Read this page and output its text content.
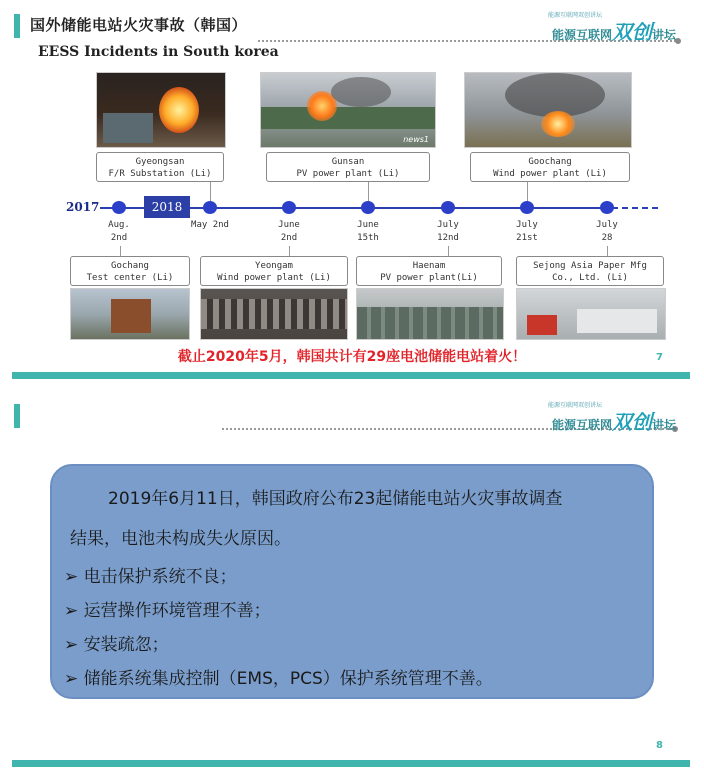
国外储能电站火灾事故（韩国）
能源互联网双创讲坛
能源互联网双创讲坛
EESS Incidents in South korea
news1
Gyeongsan
F/R Substation (Li)
Gunsan
PV power plant (Li)
Goochang
Wind power plant (Li)
2017	2018
Aug.
2nd
May 2nd	June
2nd
June
15th
July
12nd
July
21st
July
28
Gochang
Test center (Li)
Yeongam
Wind power plant (Li)
Haenam
PV power plant(Li)
Sejong Asia Paper Mfg
Co., Ltd. (Li)
截止2020年5月，韩国共计有29座电池储能电站着火！	7
能源互联网双创讲坛
能源互联网双创讲坛
2019年6月11日，韩国政府公布23起储能电站火灾事故调查
结果，电池未构成失火原因。
➢ 电击保护系统不良；
➢ 运营操作环境管理不善；
➢ 安装疏忽；
➢ 储能系统集成控制（EMS，PCS）保护系统管理不善。
8
